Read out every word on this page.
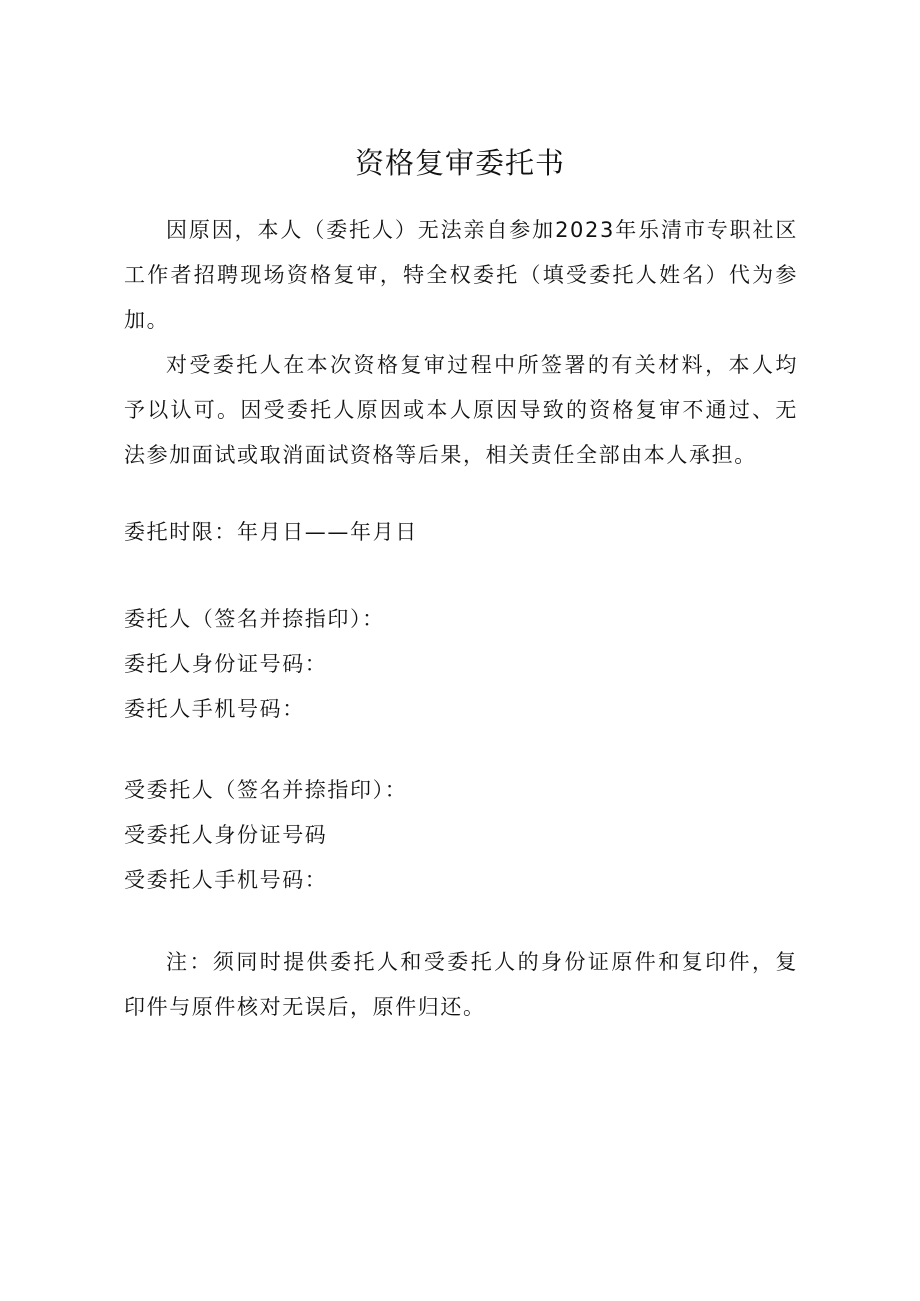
资格复审委托书

因原因，本人（委托人）无法亲自参加2023年乐清市专职社区工作者招聘现场资格复审，特全权委托（填受委托人姓名）代为参加。

对受委托人在本次资格复审过程中所签署的有关材料，本人均予以认可。因受委托人原因或本人原因导致的资格复审不通过、无法参加面试或取消面试资格等后果，相关责任全部由本人承担。

委托时限：年月日——年月日

委托人（签名并捺指印）：

委托人身份证号码：

委托人手机号码：

受委托人（签名并捺指印）：

受委托人身份证号码

受委托人手机号码：

注：须同时提供委托人和受委托人的身份证原件和复印件，复印件与原件核对无误后，原件归还。
